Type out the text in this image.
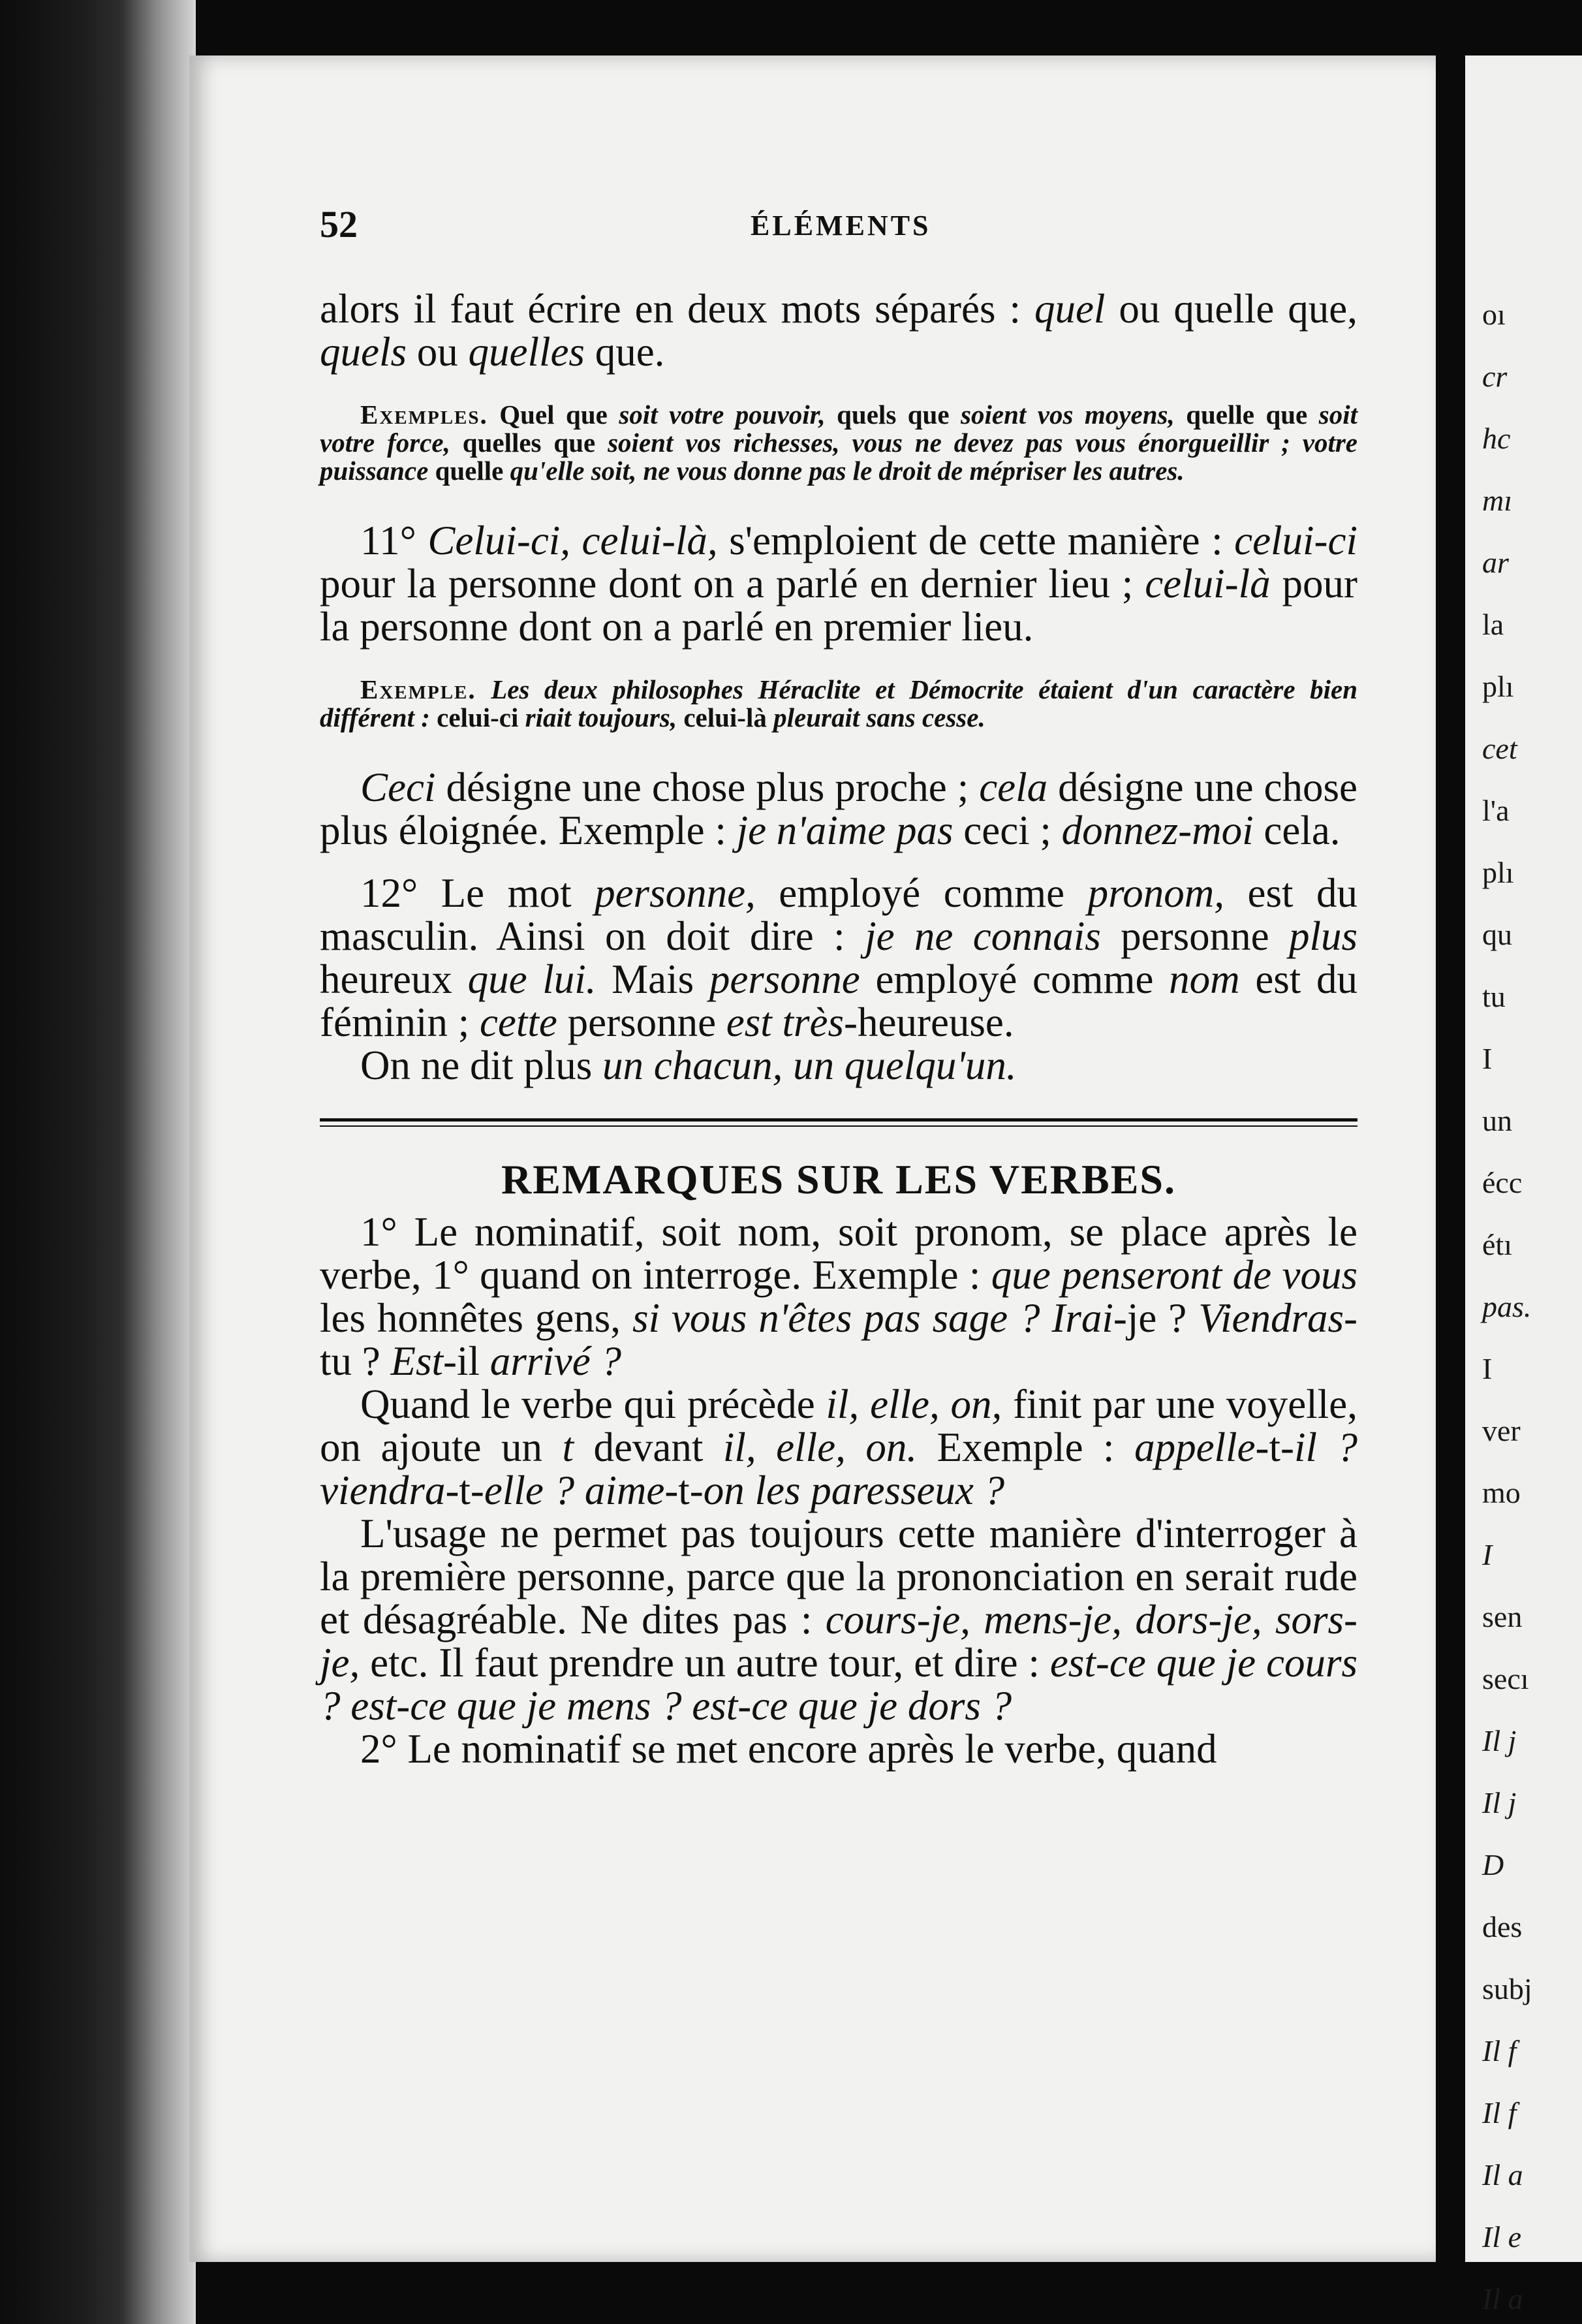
oı
cr
hc
mı
ar
la
plı
cet
l'a
plı
qu
tu
I
un
écc
étı
pas.
I
ver
mo
I
sen
secı
Il j
Il j
D
des
subj
Il f
Il f
Il a
Il e
Il a
52	ÉLÉMENTS

alors il faut écrire en deux mots séparés : quel ou quelle que, quels ou quelles que.

Exemples. Quel que soit votre pouvoir, quels que soient vos moyens, quelle que soit votre force, quelles que soient vos richesses, vous ne devez pas vous énorgueillir ; votre puissance quelle qu'elle soit, ne vous donne pas le droit de mépriser les autres.

11° Celui-ci, celui-là, s'emploient de cette manière : celui-ci pour la personne dont on a parlé en dernier lieu ; celui-là pour la personne dont on a parlé en premier lieu.

Exemple. Les deux philosophes Héraclite et Démocrite étaient d'un caractère bien différent : celui-ci riait toujours, celui-là pleurait sans cesse.

Ceci désigne une chose plus proche ; cela désigne une chose plus éloignée. Exemple : je n'aime pas ceci ; donnez-moi cela.

12° Le mot personne, employé comme pronom, est du masculin. Ainsi on doit dire : je ne connais personne plus heureux que lui. Mais personne employé comme nom est du féminin ; cette personne est très-heureuse.

On ne dit plus un chacun, un quelqu'un.

REMARQUES SUR LES VERBES.

1° Le nominatif, soit nom, soit pronom, se place après le verbe, 1° quand on interroge. Exemple : que penseront de vous les honnêtes gens, si vous n'êtes pas sage ? Irai-je ? Viendras-tu ? Est-il arrivé ?

Quand le verbe qui précède il, elle, on, finit par une voyelle, on ajoute un t devant il, elle, on. Exemple : appelle-t-il ? viendra-t-elle ? aime-t-on les paresseux ?

L'usage ne permet pas toujours cette manière d'interroger à la première personne, parce que la prononciation en serait rude et désagréable. Ne dites pas : cours-je, mens-je, dors-je, sors-je, etc. Il faut prendre un autre tour, et dire : est-ce que je cours ? est-ce que je mens ? est-ce que je dors ?

2° Le nominatif se met encore après le verbe, quand
